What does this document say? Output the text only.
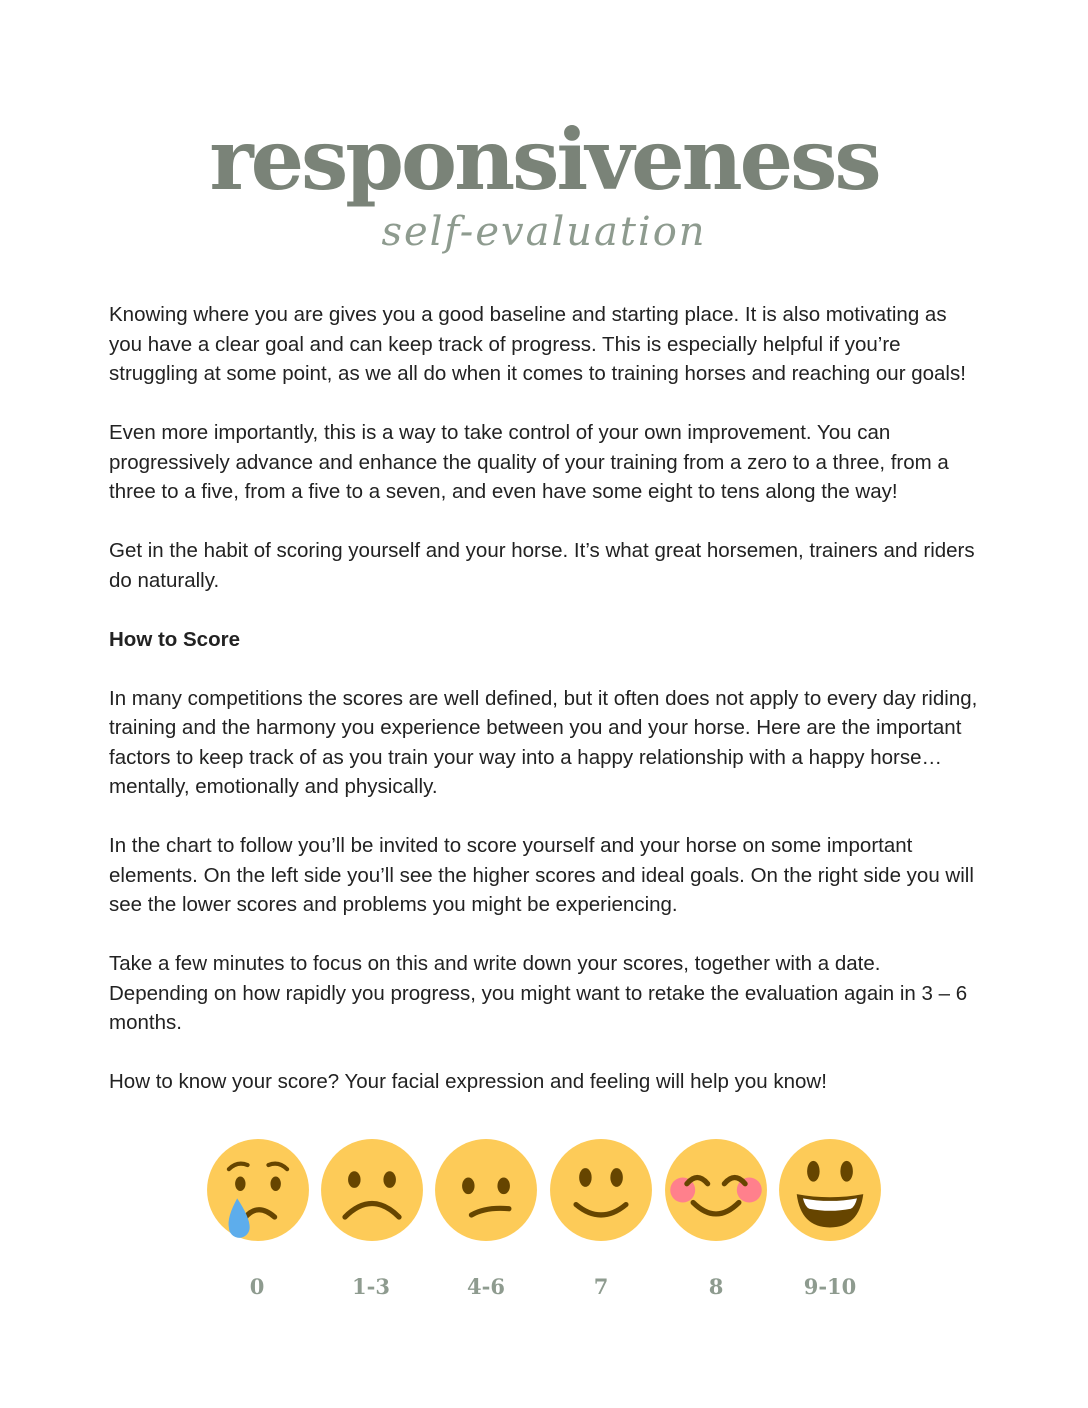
responsiveness
self-evaluation

Knowing where you are gives you a good baseline and starting place. It is also motivating as you have a clear goal and can keep track of progress. This is especially helpful if you’re struggling at some point, as we all do when it comes to training horses and reaching our goals!

Even more importantly, this is a way to take control of your own improvement. You can progressively advance and enhance the quality of your training from a zero to a three, from a three to a five, from a five to a seven, and even have some eight to tens along the way!

Get in the habit of scoring yourself and your horse. It’s what great horsemen, trainers and riders do naturally.

How to Score

In many competitions the scores are well defined, but it often does not apply to every day riding, training and the harmony you experience between you and your horse. Here are the important factors to keep track of as you train your way into a happy relationship with a happy horse… mentally, emotionally and physically.

In the chart to follow you’ll be invited to score yourself and your horse on some important elements. On the left side you’ll see the higher scores and ideal goals. On the right side you will see the lower scores and problems you might be experiencing.

Take a few minutes to focus on this and write down your scores, together with a date. Depending on how rapidly you progress, you might want to retake the evaluation again in 3 – 6 months.

How to know your score? Your facial expression and feeling will help you know!

0	1-3	4-6	7	8	9-10
